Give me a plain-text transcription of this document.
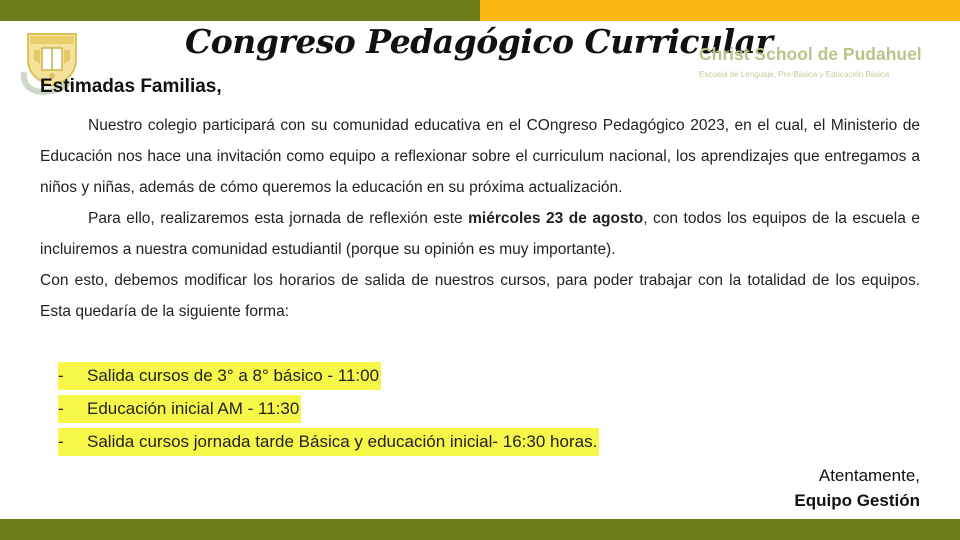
Congreso Pedagógico Curricular
Christ School de Pudahuel
Escuela de Lenguaje, Pre-Básica y Educación Básica
Estimadas Familias,

Nuestro colegio participará con su comunidad educativa en el COngreso Pedagógico 2023, en el cual, el Ministerio de Educación nos hace una invitación como equipo a reflexionar sobre el curriculum nacional, los aprendizajes que entregamos a niños y niñas, además de cómo queremos la educación en su próxima actualización.

Para ello, realizaremos esta jornada de reflexión este miércoles 23 de agosto, con todos los equipos de la escuela e incluiremos a nuestra comunidad estudiantil (porque su opinión es muy importante).

Con esto, debemos modificar los horarios de salida de nuestros cursos, para poder trabajar con la totalidad de los equipos. Esta quedaría de la siguiente forma:

Salida cursos de 3° a 8° básico - 11:00
-
Educación inicial AM - 11:30
-
Salida cursos jornada tarde Básica y educación inicial- 16:30 horas.
-
Atentamente,
Equipo Gestión
